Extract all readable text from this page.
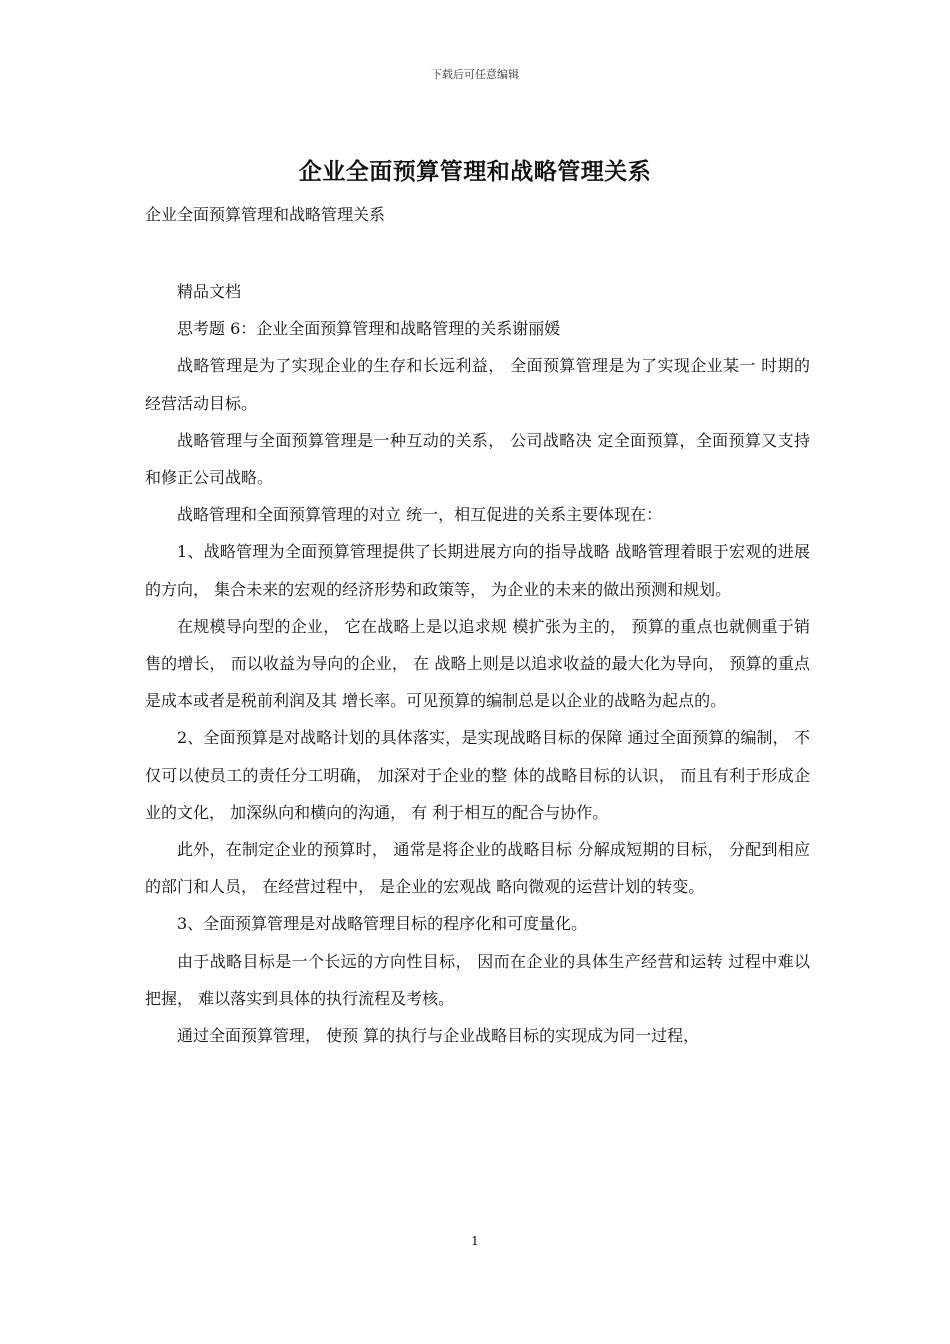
下载后可任意编辑
企业全面预算管理和战略管理关系
企业全面预算管理和战略管理关系

精品文档

思考题 6：企业全面预算管理和战略管理的关系谢丽媛

战略管理是为了实现企业的生存和长远利益， 全面预算管理是为了实现企业某一 时期的经营活动目标。

战略管理与全面预算管理是一种互动的关系， 公司战略决 定全面预算，全面预算又支持和修正公司战略。

战略管理和全面预算管理的对立 统一，相互促进的关系主要体现在：

1、战略管理为全面预算管理提供了长期进展方向的指导战略 战略管理着眼于宏观的进展的方向， 集合未来的宏观的经济形势和政策等， 为企业的未来的做出预测和规划。

在规模导向型的企业， 它在战略上是以追求规 模扩张为主的， 预算的重点也就侧重于销售的增长， 而以收益为导向的企业， 在 战略上则是以追求收益的最大化为导向， 预算的重点是成本或者是税前利润及其 增长率。可见预算的编制总是以企业的战略为起点的。

2、全面预算是对战略计划的具体落实，是实现战略目标的保障 通过全面预算的编制， 不仅可以使员工的责任分工明确， 加深对于企业的整 体的战略目标的认识， 而且有利于形成企业的文化， 加深纵向和横向的沟通， 有 利于相互的配合与协作。

此外，在制定企业的预算时， 通常是将企业的战略目标 分解成短期的目标， 分配到相应的部门和人员， 在经营过程中， 是企业的宏观战 略向微观的运营计划的转变。

3、全面预算管理是对战略管理目标的程序化和可度量化。

由于战略目标是一个长远的方向性目标， 因而在企业的具体生产经营和运转 过程中难以把握， 难以落实到具体的执行流程及考核。

通过全面预算管理， 使预 算的执行与企业战略目标的实现成为同一过程，

1
